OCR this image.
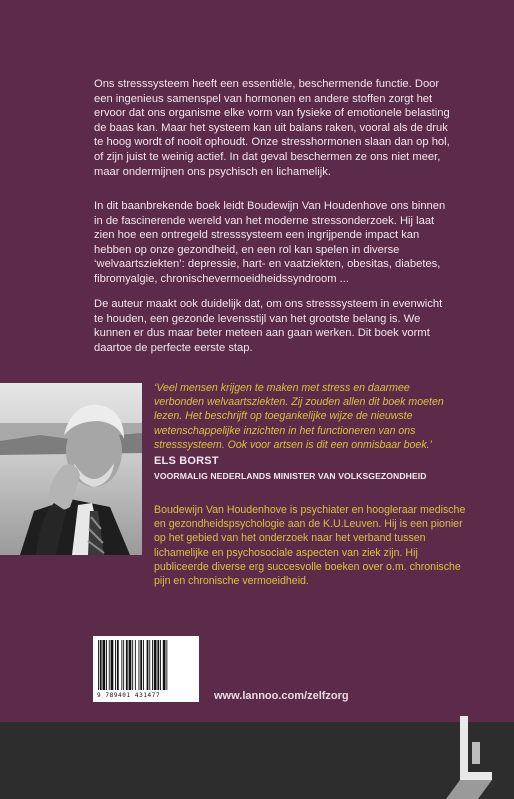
Ons stresssysteem heeft een essentiële, beschermende functie. Door een ingenieus samenspel van hormonen en andere stoffen zorgt het ervoor dat ons organisme elke vorm van fysieke of emotionele belasting de baas kan. Maar het systeem kan uit balans raken, vooral als de druk te hoog wordt of nooit ophoudt. Onze stresshormonen slaan dan op hol, of zijn juist te weinig actief. In dat geval beschermen ze ons niet meer, maar ondermijnen ons psychisch en lichamelijk.

In dit baanbrekende boek leidt Boudewijn Van Houdenhove ons binnen in de fascinerende wereld van het moderne stressonderzoek. Hij laat zien hoe een ontregeld stresssysteem een ingrijpende impact kan hebben op onze gezondheid, en een rol kan spelen in diverse ‘welvaartsziekten’: depressie, hart- en vaatziekten, obesitas, diabetes, fibromyalgie, chronischevermoeidheidssyndroom ...

De auteur maakt ook duidelijk dat, om ons stresssysteem in evenwicht te houden, een gezonde levensstijl van het grootste belang is. We kunnen er dus maar beter meteen aan gaan werken. Dit boek vormt daartoe de perfecte eerste stap.

‘Veel mensen krijgen te maken met stress en daarmee verbonden welvaartsziekten. Zij zouden allen dit boek moeten lezen. Het beschrijft op toegankelijke wijze de nieuwste wetenschappelijke inzichten in het functioneren van ons stresssysteem. Ook voor artsen is dit een onmisbaar boek.’

ELS BORST
VOORMALIG NEDERLANDS MINISTER VAN VOLKSGEZONDHEID

Boudewijn Van Houdenhove is psychiater en hoogleraar medische en gezondheidspsychologie aan de K.U.Leuven. Hij is een pionier op het gebied van het onderzoek naar het verband tussen lichamelijke en psychosociale aspecten van ziek zijn. Hij publiceerde diverse erg succesvolle boeken over o.m. chronische pijn en chronische vermoeidheid.

9 789401 431477	www.lannoo.com/zelfzorg
